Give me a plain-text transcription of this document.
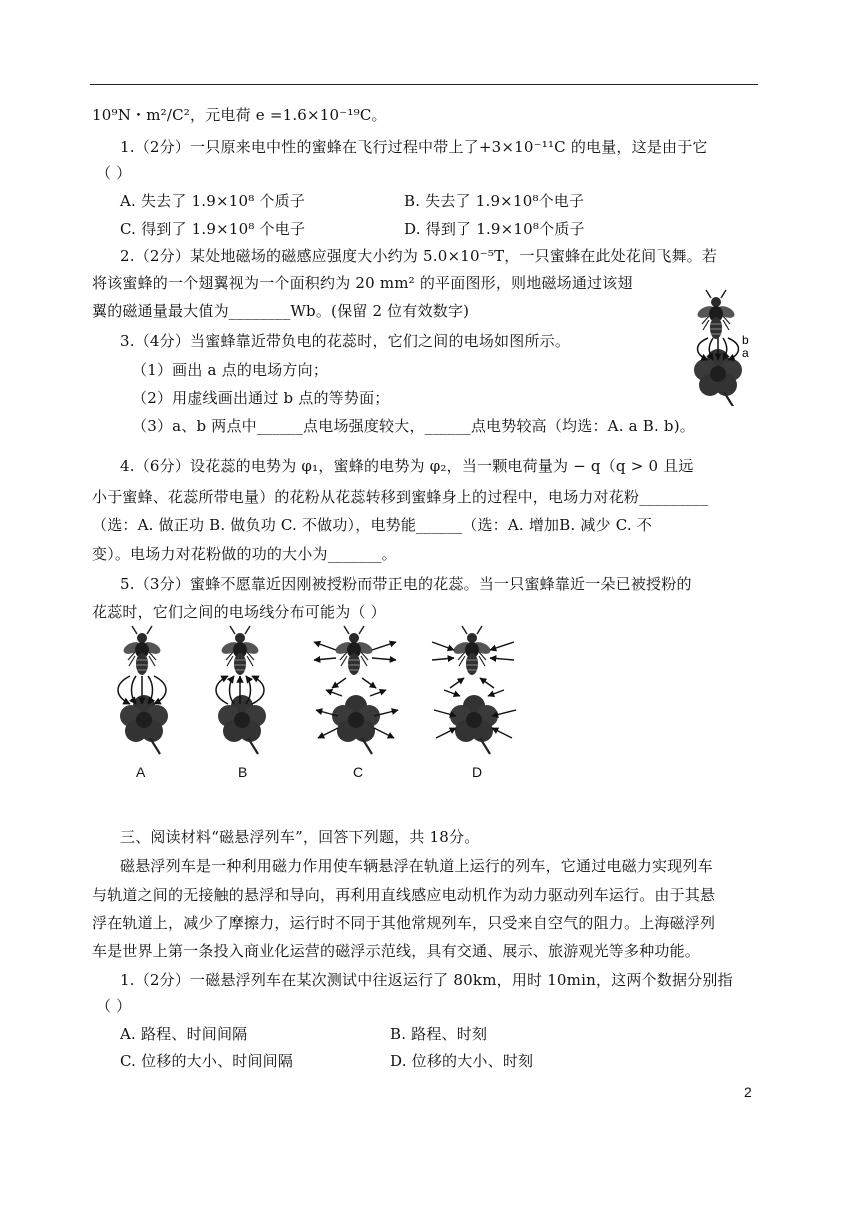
10⁹N・m²/C²，元电荷 e =1.6×10⁻¹⁹C。
1.（2分）一只原来电中性的蜜蜂在飞行过程中带上了+3×10⁻¹¹C 的电量，这是由于它
（ ）
A. 失去了 1.9×10⁸ 个质子	B. 失去了 1.9×10⁸个电子
C. 得到了 1.9×10⁸ 个电子	D. 得到了 1.9×10⁸个质子
2.（2分）某处地磁场的磁感应强度大小约为 5.0×10⁻⁵T，一只蜜蜂在此处花间飞舞。若
将该蜜蜂的一个翅翼视为一个面积约为 20 mm² 的平面图形，则地磁场通过该翅
翼的磁通量最大值为________Wb。(保留 2 位有效数字)
3.（4分）当蜜蜂靠近带负电的花蕊时，它们之间的电场如图所示。
（1）画出 a 点的电场方向；
（2）用虚线画出通过 b 点的等势面；
（3）a、b 两点中______点电场强度较大，______点电势较高（均选：A. a B. b)。
b
a
4.（6分）设花蕊的电势为 φ₁，蜜蜂的电势为 φ₂，当一颗电荷量为 − q（q > 0 且远
小于蜜蜂、花蕊所带电量）的花粉从花蕊转移到蜜蜂身上的过程中，电场力对花粉_________
（选：A. 做正功 B. 做负功 C. 不做功），电势能______（选：A. 增加B. 减少 C. 不
变）。电场力对花粉做的功的大小为_______。
5.（3分）蜜蜂不愿靠近因刚被授粉而带正电的花蕊。当一只蜜蜂靠近一朵已被授粉的
花蕊时，它们之间的电场线分布可能为（ ）
A	B	C	D
三、阅读材料“磁悬浮列车”，回答下列题，共 18分。
磁悬浮列车是一种利用磁力作用使车辆悬浮在轨道上运行的列车，它通过电磁力实现列车
与轨道之间的无接触的悬浮和导向，再利用直线感应电动机作为动力驱动列车运行。由于其悬
浮在轨道上，减少了摩擦力，运行时不同于其他常规列车，只受来自空气的阻力。上海磁浮列
车是世界上第一条投入商业化运营的磁浮示范线，具有交通、展示、旅游观光等多种功能。
1.（2分）一磁悬浮列车在某次测试中往返运行了 80km，用时 10min，这两个数据分别指
（ ）
A. 路程、时间间隔	B. 路程、时刻
C. 位移的大小、时间间隔	D. 位移的大小、时刻
2
